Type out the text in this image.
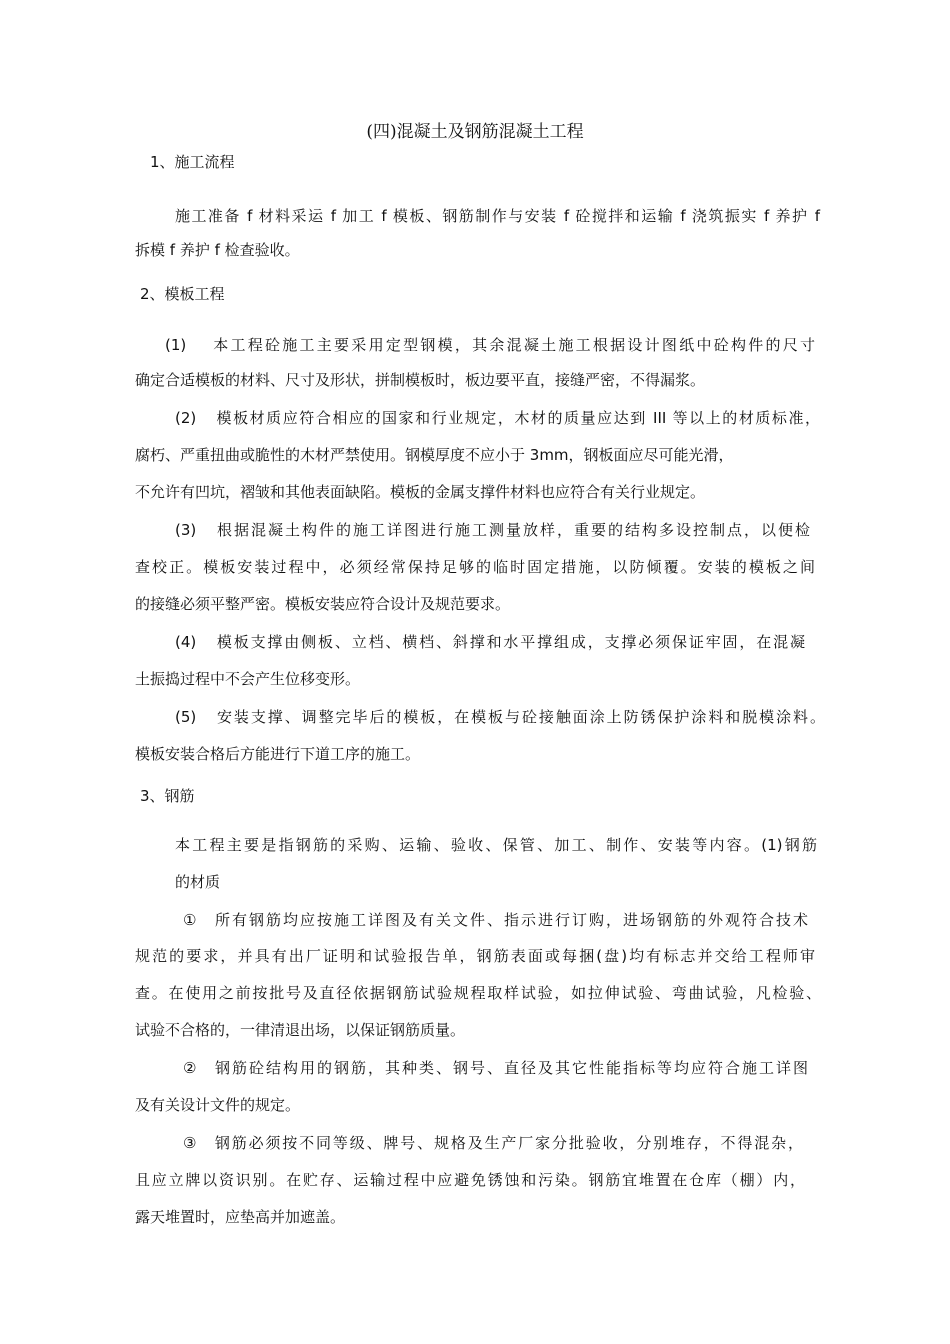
(四)混凝土及钢筋混凝土工程
1、施工流程
施工准备 f 材料采运 f 加工 f 模板、钢筋制作与安装 f 砼搅拌和运输 f 浇筑振实 f 养护 f
拆模 f 养护 f 检查验收。
2、模板工程
(1) 本工程砼施工主要采用定型钢模，其余混凝土施工根据设计图纸中砼构件的尺寸
确定合适模板的材料、尺寸及形状，拼制模板时，板边要平直，接缝严密，不得漏浆。
(2) 模板材质应符合相应的国家和行业规定，木材的质量应达到 III 等以上的材质标准，
腐朽、严重扭曲或脆性的木材严禁使用。钢模厚度不应小于 3mm，钢板面应尽可能光滑，
不允许有凹坑，褶皱和其他表面缺陷。模板的金属支撑件材料也应符合有关行业规定。
(3) 根据混凝土构件的施工详图进行施工测量放样，重要的结构多设控制点，以便检
查校正。模板安装过程中，必须经常保持足够的临时固定措施，以防倾覆。安装的模板之间
的接缝必须平整严密。模板安装应符合设计及规范要求。
(4) 模板支撑由侧板、立档、横档、斜撑和水平撑组成，支撑必须保证牢固，在混凝
土振捣过程中不会产生位移变形。
(5) 安装支撑、调整完毕后的模板，在模板与砼接触面涂上防锈保护涂料和脱模涂料。
模板安装合格后方能进行下道工序的施工。
3、钢筋
本工程主要是指钢筋的采购、运输、验收、保管、加工、制作、安装等内容。(1)钢筋
的材质
① 所有钢筋均应按施工详图及有关文件、指示进行订购，进场钢筋的外观符合技术
规范的要求，并具有出厂证明和试验报告单，钢筋表面或每捆(盘)均有标志并交给工程师审
查。在使用之前按批号及直径依据钢筋试验规程取样试验，如拉伸试验、弯曲试验，凡检验、
试验不合格的，一律清退出场，以保证钢筋质量。
② 钢筋砼结构用的钢筋，其种类、钢号、直径及其它性能指标等均应符合施工详图
及有关设计文件的规定。
③ 钢筋必须按不同等级、牌号、规格及生产厂家分批验收，分别堆存，不得混杂，
且应立牌以资识别。在贮存、运输过程中应避免锈蚀和污染。钢筋宜堆置在仓库（棚）内，
露天堆置时，应垫高并加遮盖。
